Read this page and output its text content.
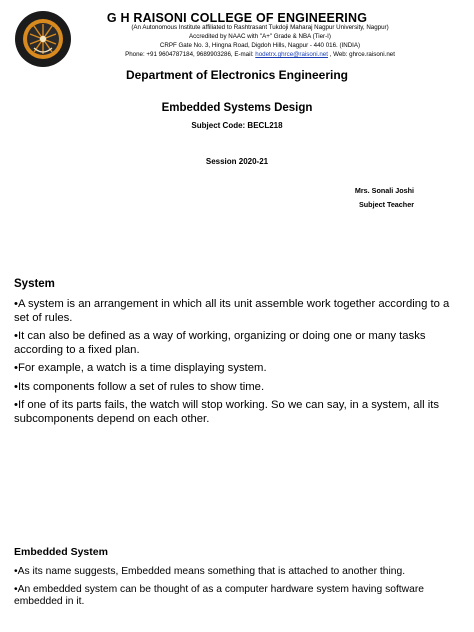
G H RAISONI COLLEGE OF ENGINEERING
(An Autonomous Institute affiliated to Rashtrasant Tukdoji Maharaj Nagpur University, Nagpur)
Accredited by NAAC with "A+" Grade & NBA (Tier-I)
CRPF Gate No. 3, Hingna Road, Digdoh Hills, Nagpur - 440 016. (INDIA)
Phone: +91 9604787184, 9689903286, E-mail: hodetrx.ghrce@raisoni.net , Web: ghrce.raisoni.net
Department of Electronics Engineering
Embedded Systems Design
Subject Code: BECL218
Session 2020-21
Mrs. Sonali Joshi
Subject Teacher
System
•A system is an arrangement in which all its unit assemble work together according to a set of rules.
•It can also be defined as a way of working, organizing or doing one or many tasks according to a fixed plan.
•For example, a watch is a time displaying system.
•Its components follow a set of rules to show time.
•If one of its parts fails, the watch will stop working. So we can say, in a system, all its subcomponents depend on each other.
Embedded System
•As its name suggests, Embedded means something that is attached to another thing.
•An embedded system can be thought of as a computer hardware system having software embedded in it.
